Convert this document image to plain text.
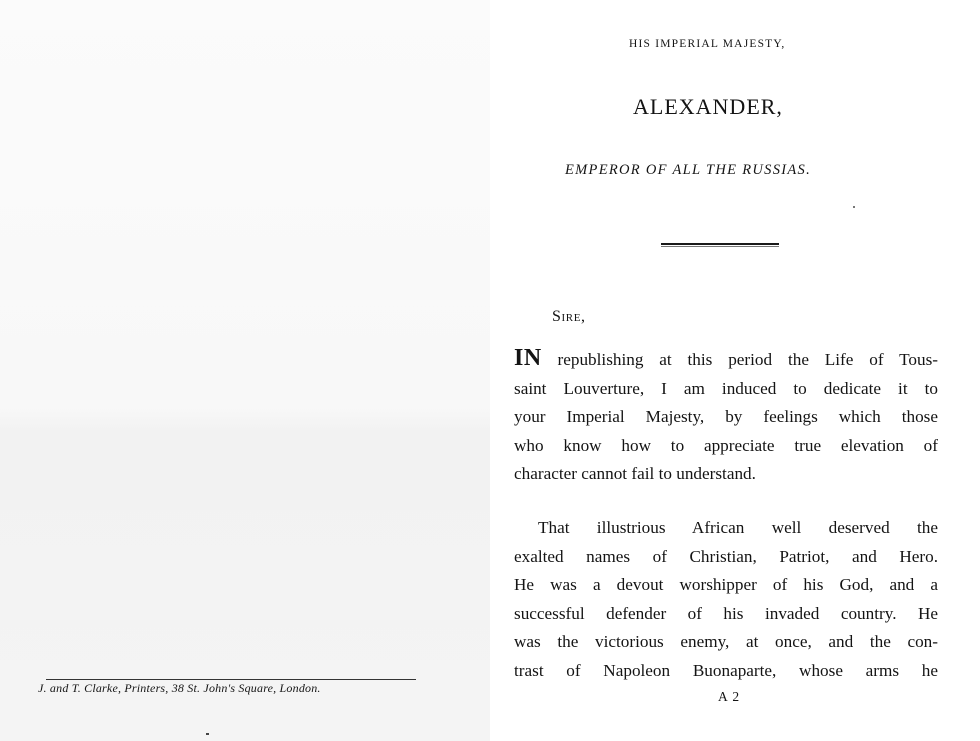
J. and T. Clarke, Printers, 38 St. John's Square, London.
HIS IMPERIAL MAJESTY,
ALEXANDER,
EMPEROR OF ALL THE RUSSIAS.
Sire,
IN republishing at this period the Life of Tous-
saint Louverture, I am induced to dedicate it to
your Imperial Majesty, by feelings which those
who know how to appreciate true elevation of
character cannot fail to understand.
That illustrious African well deserved the
exalted names of Christian, Patriot, and Hero.
He was a devout worshipper of his God, and a
successful defender of his invaded country. He
was the victorious enemy, at once, and the con-
trast of Napoleon Buonaparte, whose arms he
A 2
